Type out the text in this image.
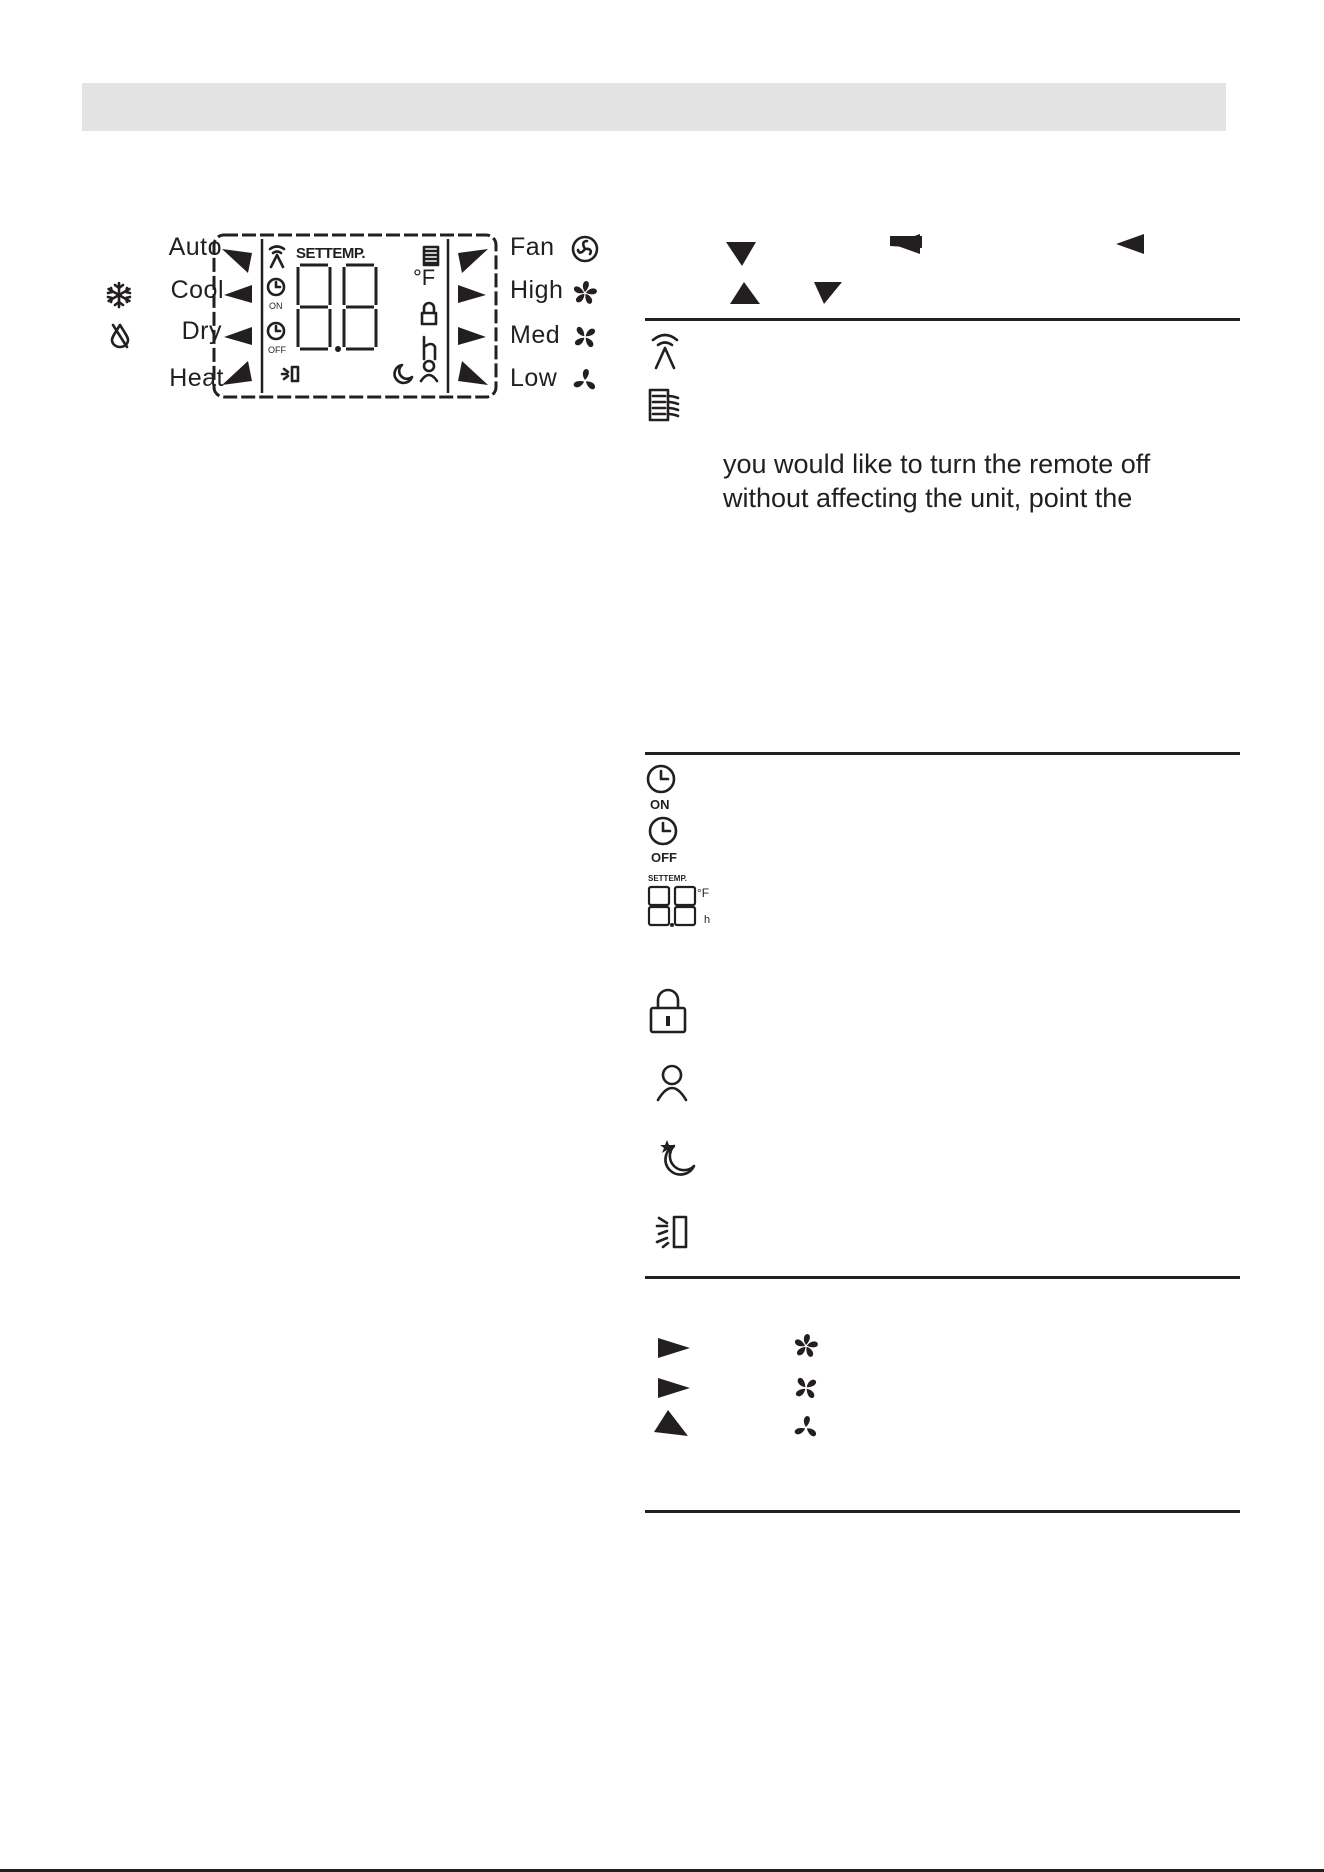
Auto
Cool
Dry
Heat
Fan
High
Med
Low
SETTEMP.
ON
OFF
°F
you would like to turn the remote off
without affecting the unit, point the
ON
OFF
SETTEMP.
°F
h
